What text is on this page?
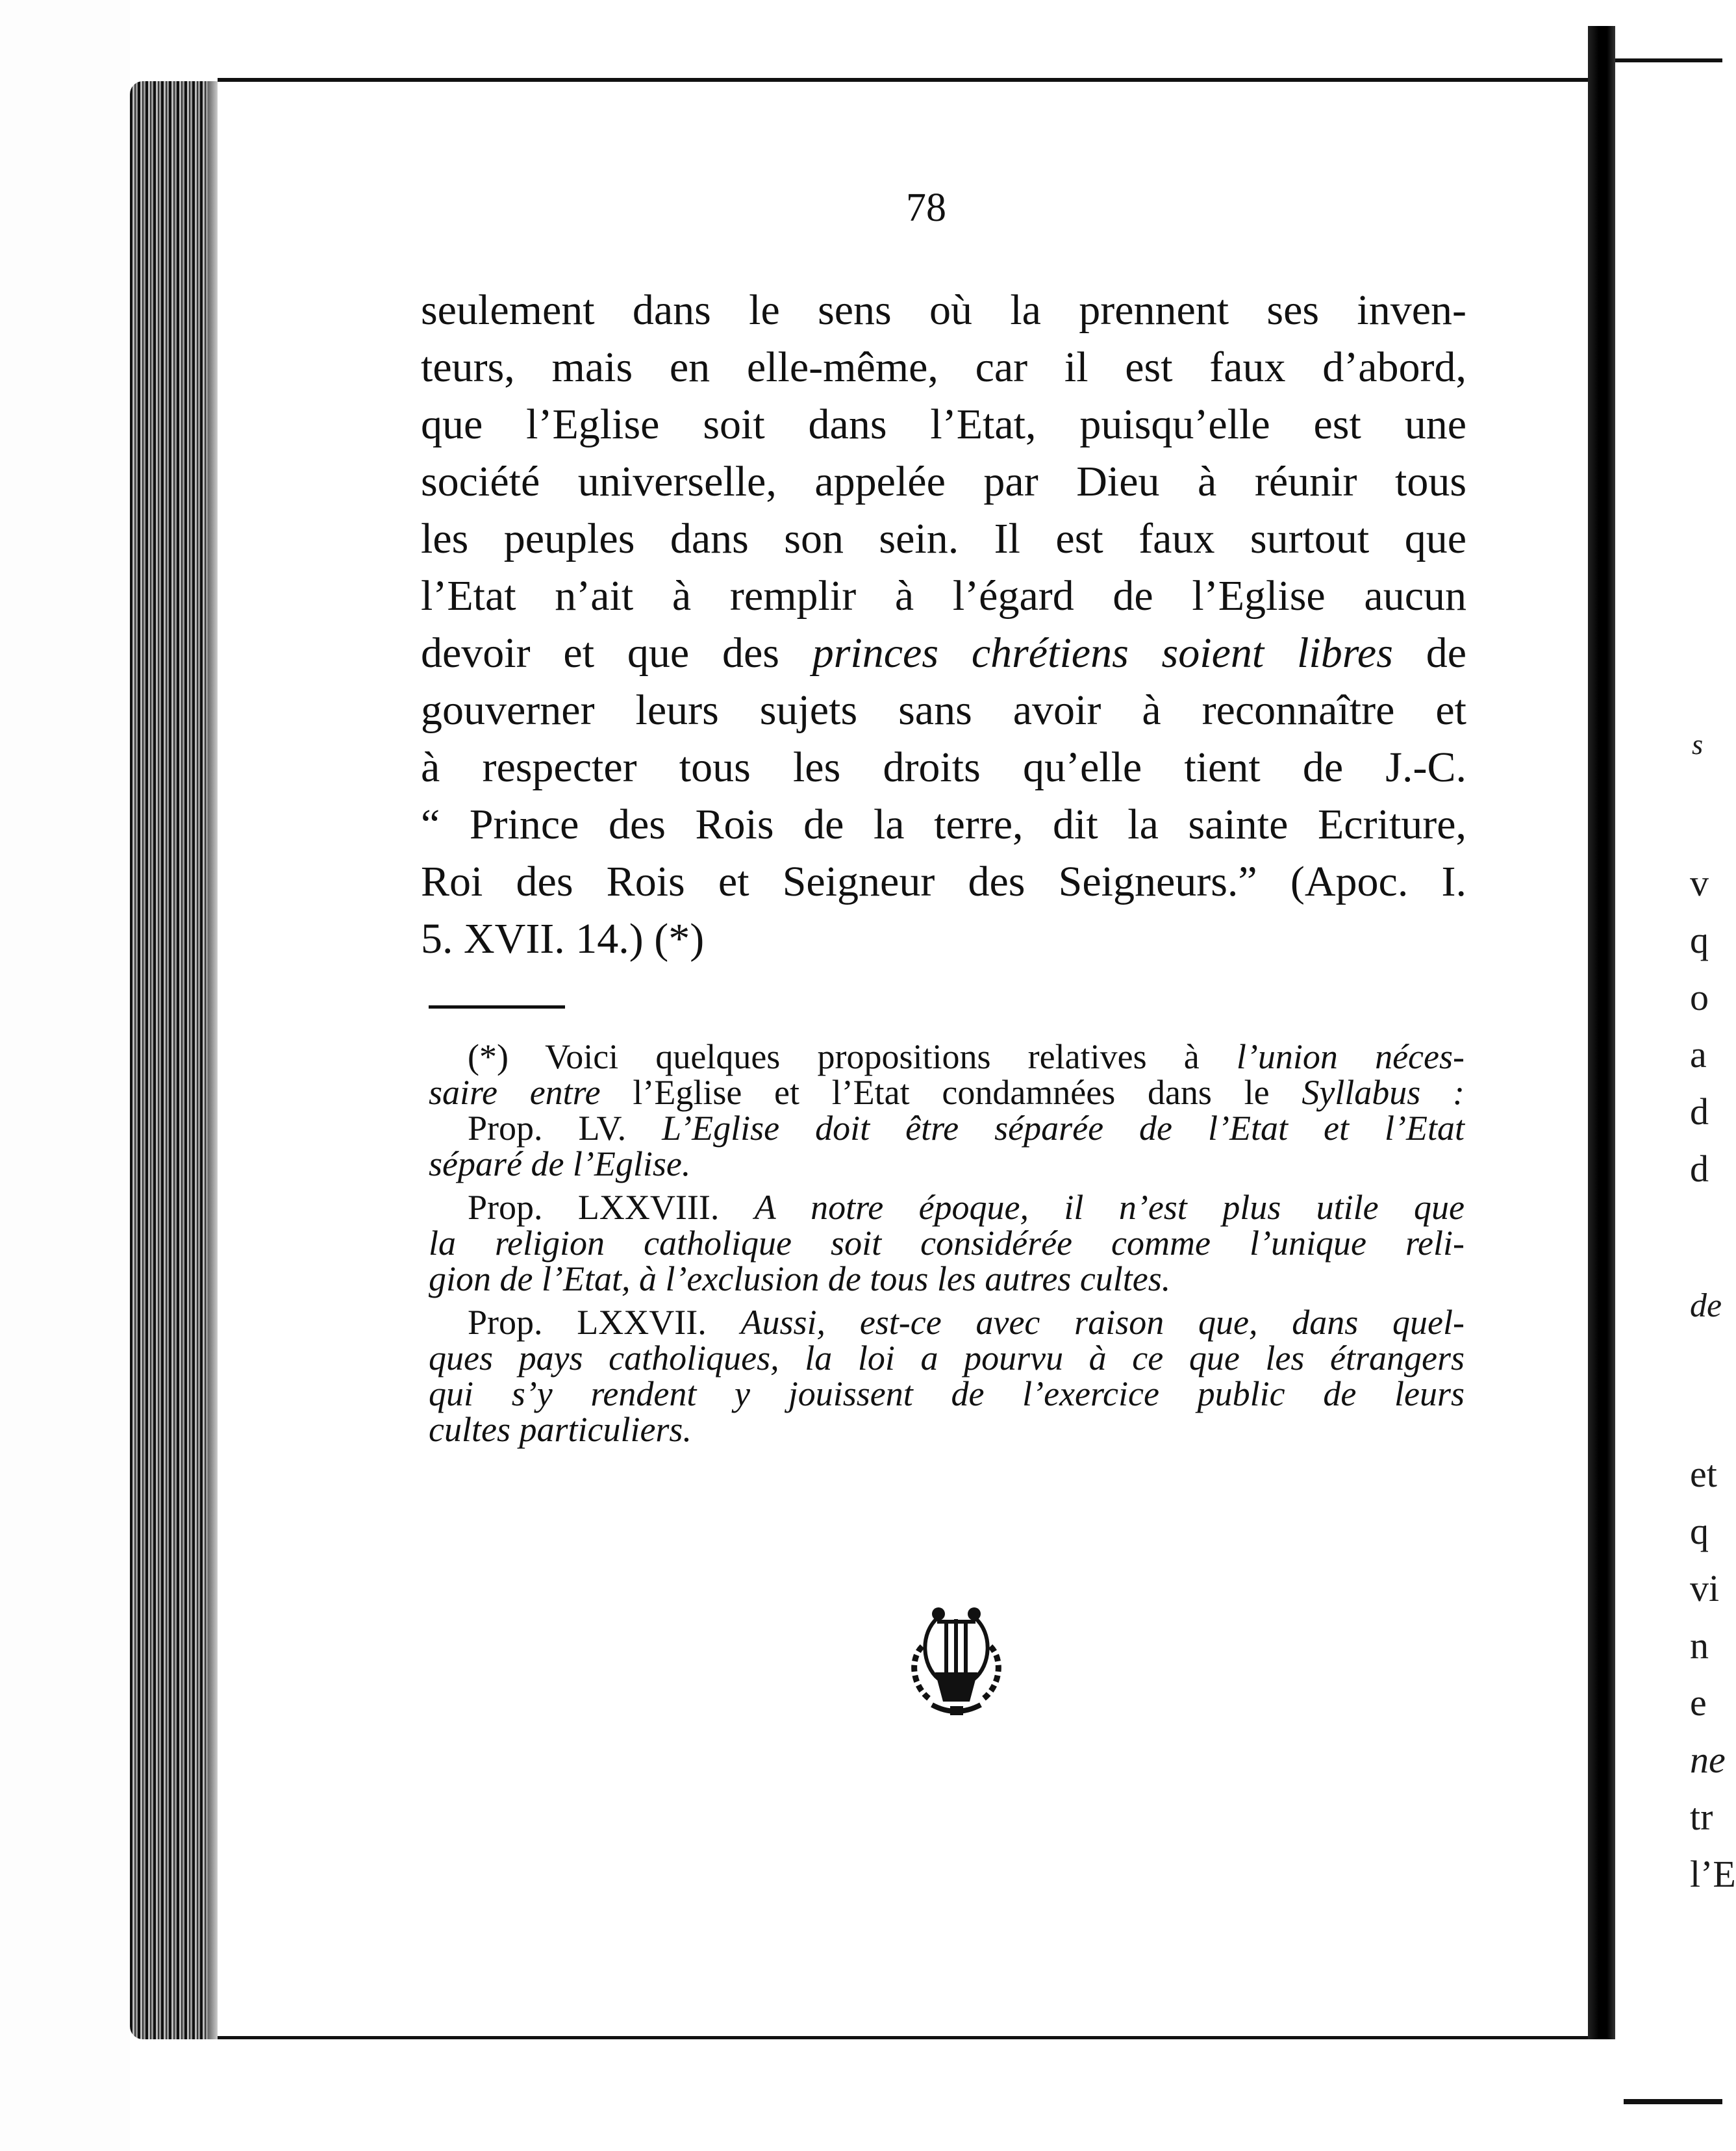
78
seulement dans le sens où la prennent ses inven-
teurs, mais en elle-même, car il est faux d’abord,
que l’Eglise soit dans l’Etat, puisqu’elle est une
société universelle, appelée par Dieu à réunir tous
les peuples dans son sein. Il est faux surtout que
l’Etat n’ait à remplir à l’égard de l’Eglise aucun
devoir et que des princes chrétiens soient libres de
gouverner leurs sujets sans avoir à reconnaître et
à respecter tous les droits qu’elle tient de J.-C.
“ Prince des Rois de la terre, dit la sainte Ecriture,
Roi des Rois et Seigneur des Seigneurs.” (Apoc. I.
5. XVII. 14.) (*)
(*) Voici quelques propositions relatives à l’union néces-
saire entre l’Eglise et l’Etat condamnées dans le Syllabus :
Prop. LV. L’Eglise doit être séparée de l’Etat et l’Etat
séparé de l’Eglise.
Prop. LXXVIII. A notre époque, il n’est plus utile que
la religion catholique soit considérée comme l’unique reli-
gion de l’Etat, à l’exclusion de tous les autres cultes.
Prop. LXXVII. Aussi, est-ce avec raison que, dans quel-
ques pays catholiques, la loi a pourvu à ce que les étrangers
qui s’y rendent y jouissent de l’exercice public de leurs
cultes particuliers.
s
v
q
o
a
d
d
de
et
q
vi
n
e
ne
tr
l’E
